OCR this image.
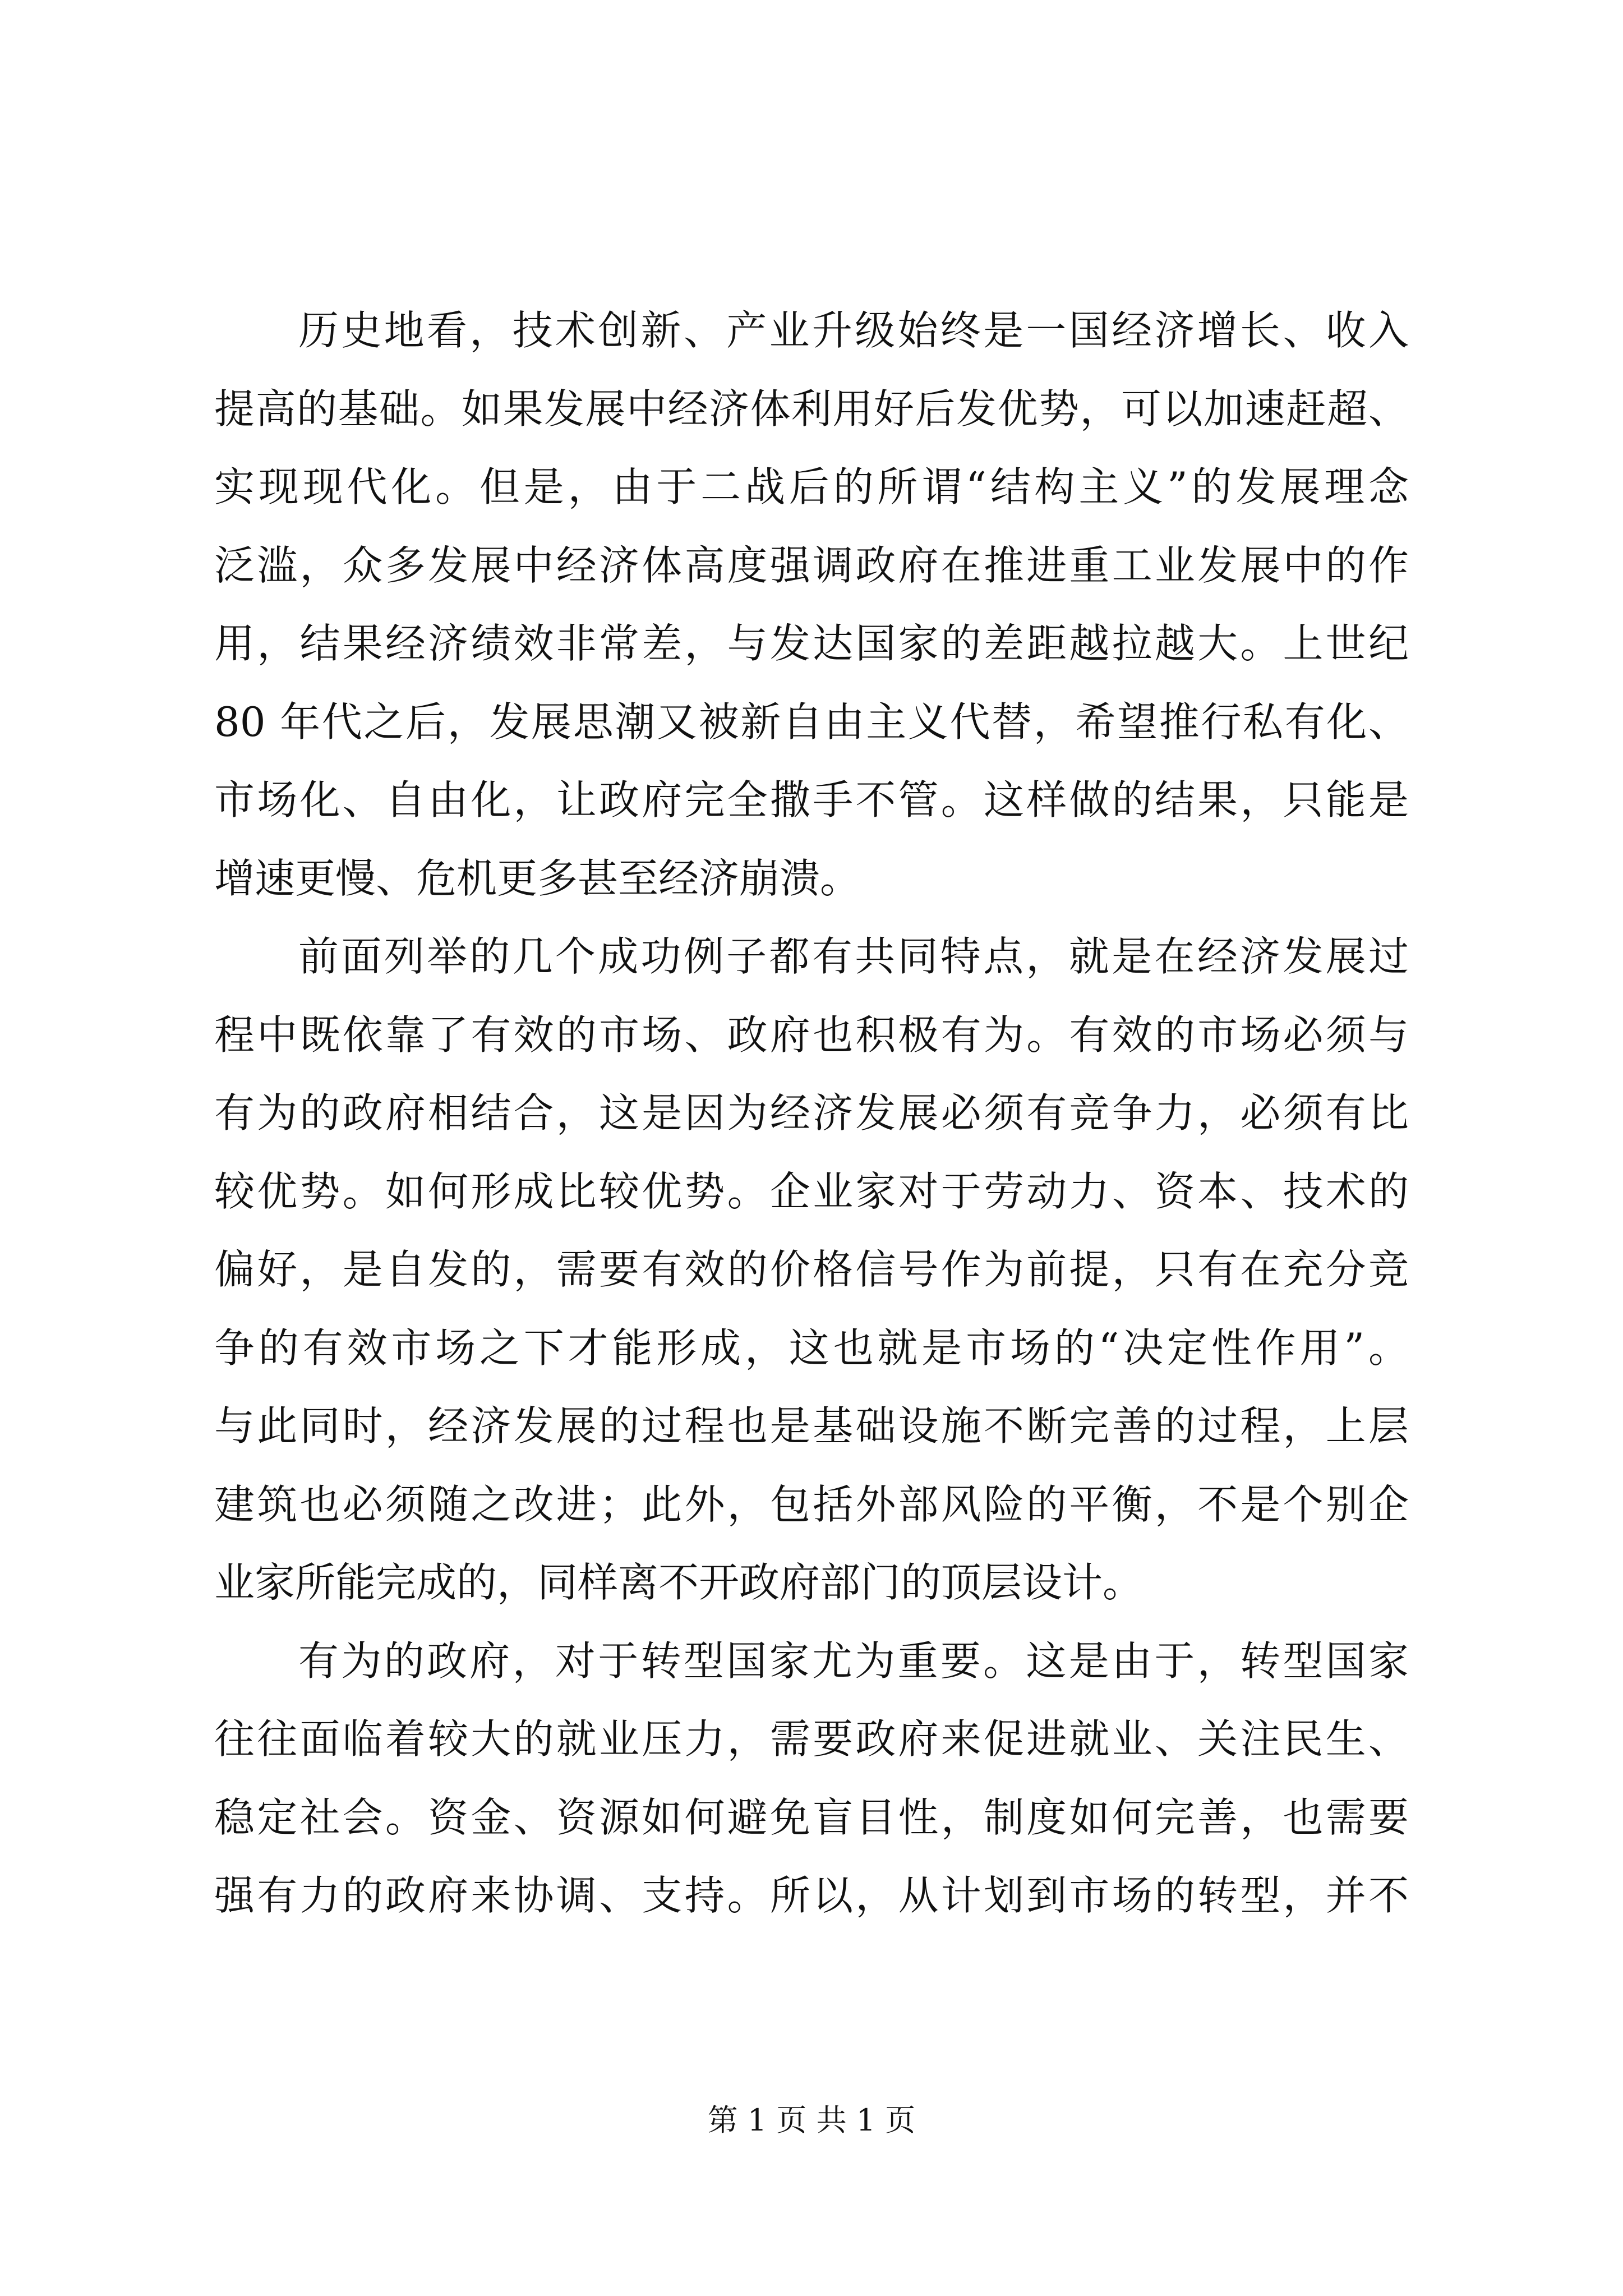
历史地看，技术创新、产业升级始终是一国经济增长、收入
提高的基础。如果发展中经济体利用好后发优势，可以加速赶超、
实现现代化。但是，由于二战后的所谓“结构主义”的发展理念
泛滥，众多发展中经济体高度强调政府在推进重工业发展中的作
用，结果经济绩效非常差，与发达国家的差距越拉越大。上世纪
80 年代之后，发展思潮又被新自由主义代替，希望推行私有化、
市场化、自由化，让政府完全撒手不管。这样做的结果，只能是
增速更慢、危机更多甚至经济崩溃。
前面列举的几个成功例子都有共同特点，就是在经济发展过
程中既依靠了有效的市场、政府也积极有为。有效的市场必须与
有为的政府相结合，这是因为经济发展必须有竞争力，必须有比
较优势。如何形成比较优势。企业家对于劳动力、资本、技术的
偏好，是自发的，需要有效的价格信号作为前提，只有在充分竞
争的有效市场之下才能形成，这也就是市场的“决定性作用”。
与此同时，经济发展的过程也是基础设施不断完善的过程，上层
建筑也必须随之改进；此外，包括外部风险的平衡，不是个别企
业家所能完成的，同样离不开政府部门的顶层设计。
有为的政府，对于转型国家尤为重要。这是由于，转型国家
往往面临着较大的就业压力，需要政府来促进就业、关注民生、
稳定社会。资金、资源如何避免盲目性，制度如何完善，也需要
强有力的政府来协调、支持。所以，从计划到市场的转型，并不
第 1 页 共 1 页
